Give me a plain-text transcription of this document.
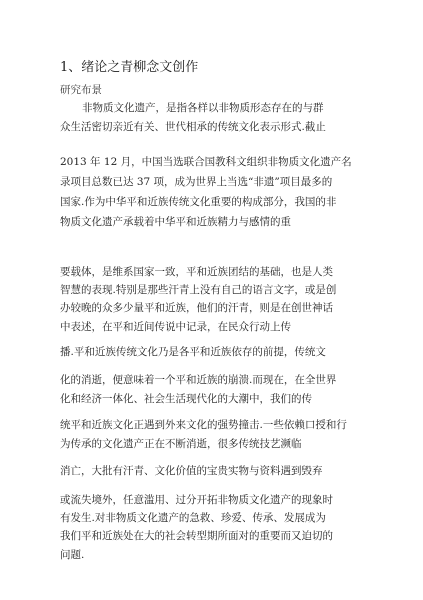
1、绪论之青柳念文创作
研究布景
非物质文化遗产，是指各样以非物质形态存在的与群
众生活密切亲近有关、世代相承的传统文化表示形式.截止
2013 年 12 月，中国当选联合国教科文组织非物质文化遗产名
录项目总数已达 37 项，成为世界上当选“非遗”项目最多的
国家.作为中华平和近族传统文化重要的构成部分，我国的非
物质文化遗产承载着中华平和近族精力与感情的重
要载体，是维系国家一致，平和近族团结的基础，也是人类
智慧的表现.特别是那些汗青上没有自己的语言文字，或是创
办较晚的众多少量平和近族，他们的汗青，则是在创世神话
中表述，在平和近间传说中记录，在民众行动上传
播.平和近族传统文化乃是各平和近族依存的前提，传统文
化的消逝，便意味着一个平和近族的崩溃.而现在，在全世界
化和经济一体化、社会生活现代化的大潮中，我们的传
统平和近族文化正遇到外来文化的强势撞击.一些依赖口授和行
为传承的文化遗产正在不断消逝，很多传统技艺濒临
消亡，大批有汗青、文化价值的宝贵实物与资料遇到毁弃
或流失境外，任意滥用、过分开拓非物质文化遗产的现象时
有发生.对非物质文化遗产的急救、珍爱、传承、发展成为
我们平和近族处在大的社会转型期所面对的重要而又迫切的
问题.
